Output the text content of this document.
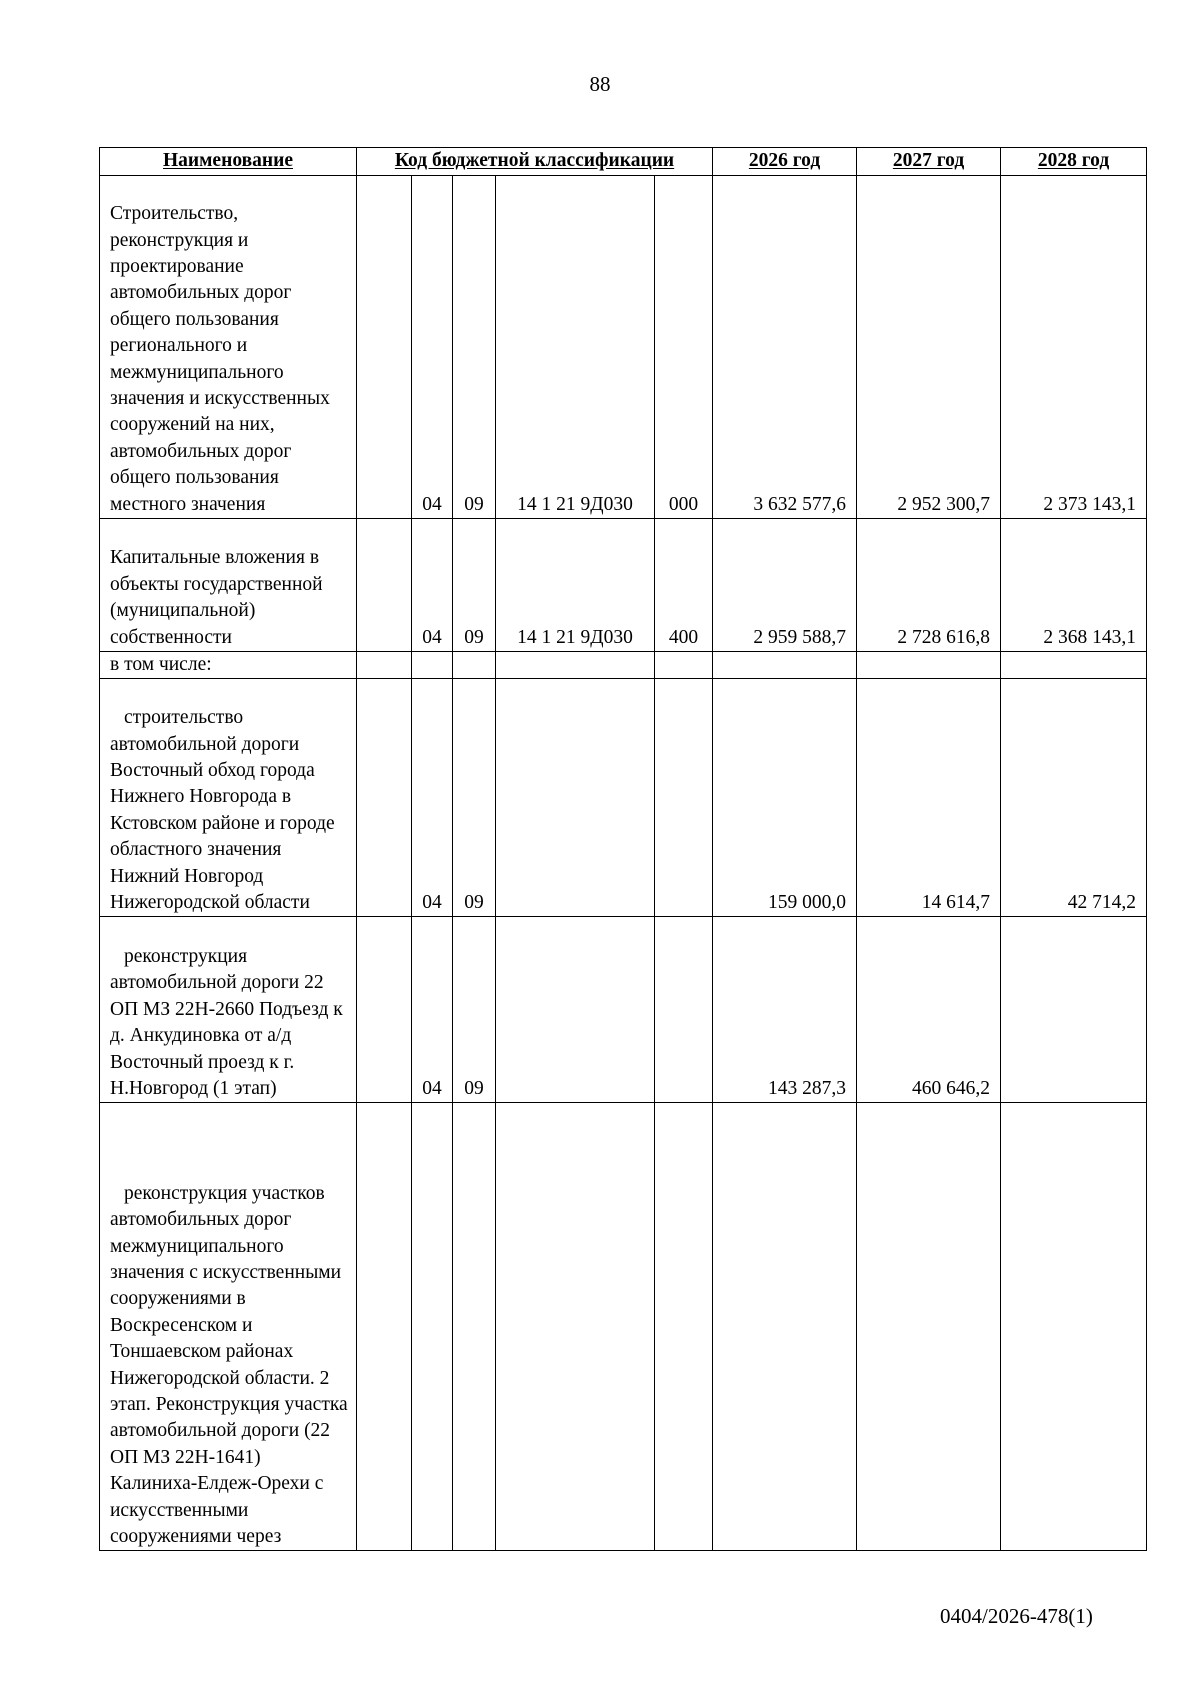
88
Наименование	Код бюджетной классификации					2026 год	2027 год	2028 год
Строительство, реконструкция и проектирование автомобильных дорог общего пользования регионального и межмуниципального значения и искусственных сооружений на них, автомобильных дорог общего пользования местного значения		04	09	14 1 21 9Д030	000	3 632 577,6	2 952 300,7	2 373 143,1
Капитальные вложения в объекты государственной (муниципальной) собственности		04	09	14 1 21 9Д030	400	2 959 588,7	2 728 616,8	2 368 143,1
в том числе:								
строительство автомобильной дороги Восточный обход города Нижнего Новгорода в Кстовском районе и городе областного значения Нижний Новгород Нижегородской области		04	09			159 000,0	14 614,7	42 714,2
реконструкция автомобильной дороги 22 ОП МЗ 22Н-2660 Подъезд к д. Анкудиновка от а/д Восточный проезд к г. Н.Новгород (1 этап)		04	09			143 287,3	460 646,2	
реконструкция участков автомобильных дорог межмуниципального значения с искусственными сооружениями в Воскресенском и Тоншаевском районах Нижегородской области. 2 этап. Реконструкция участка автомобильной дороги (22 ОП МЗ 22Н-1641) Калиниха-Елдеж-Орехи с искусственными сооружениями через								
0404/2026-478(1)
